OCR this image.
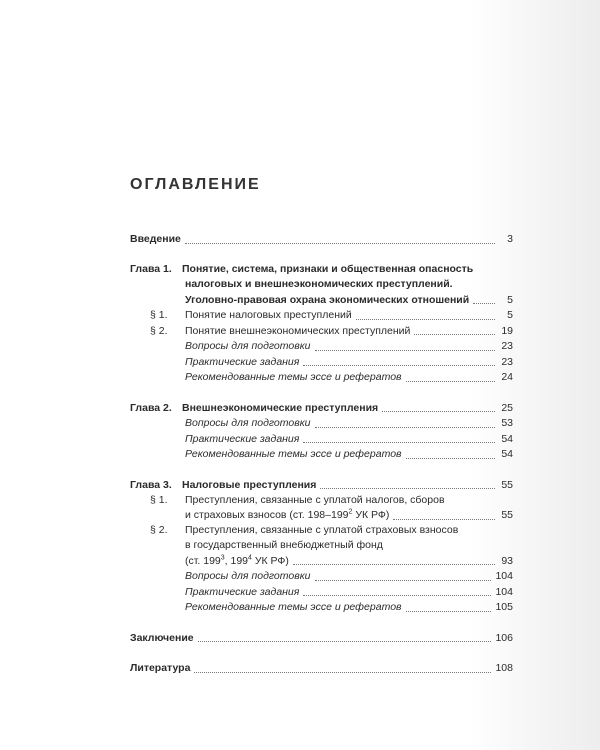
ОГЛАВЛЕНИЕ
Введение	3
Глава 1. Понятие, система, признаки и общественная опасность
налоговых и внешнеэкономических преступлений.
Уголовно-правовая охрана экономических отношений	5
§ 1.	Понятие налоговых преступлений	5
§ 2.	Понятие внешнеэкономических преступлений	19
Вопросы для подготовки	23
Практические задания	23
Рекомендованные темы эссе и рефератов	24
Глава 2. Внешнеэкономические преступления	25
Вопросы для подготовки	53
Практические задания	54
Рекомендованные темы эссе и рефератов	54
Глава 3. Налоговые преступления	55
§ 1.	Преступления, связанные с уплатой налогов, сборов
и страховых взносов (ст. $198-199^2$ УК РФ)	55
§ 2.	Преступления, связанные с уплатой страховых взносов
в государственный внебюджетный фонд
(ст. $199^3$, $199^4$ УК РФ)	93
Вопросы для подготовки	104
Практические задания	104
Рекомендованные темы эссе и рефератов	105
Заключение	106
Литература	108
